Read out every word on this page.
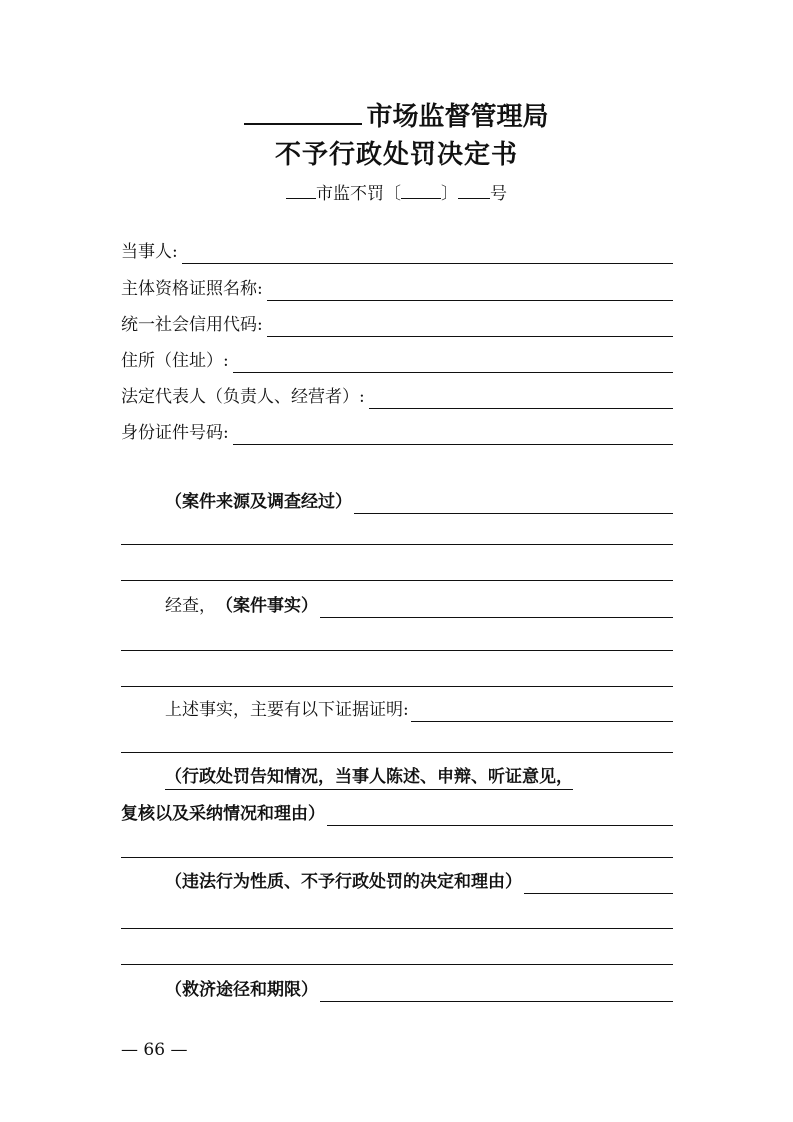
市场监督管理局
不予行政处罚决定书
市监不罚〔 〕 号
当事人:
主体资格证照名称:
统一社会信用代码:
住所（住址）:
法定代表人（负责人、经营者）:
身份证件号码:
（案件来源及调查经过）
经查， （案件事实）
上述事实，主要有以下证据证明:
（行政处罚告知情况，当事人陈述、申辩、听证意见，
复核以及采纳情况和理由）
（违法行为性质、不予行政处罚的决定和理由）
（救济途径和期限）
— 66 —
